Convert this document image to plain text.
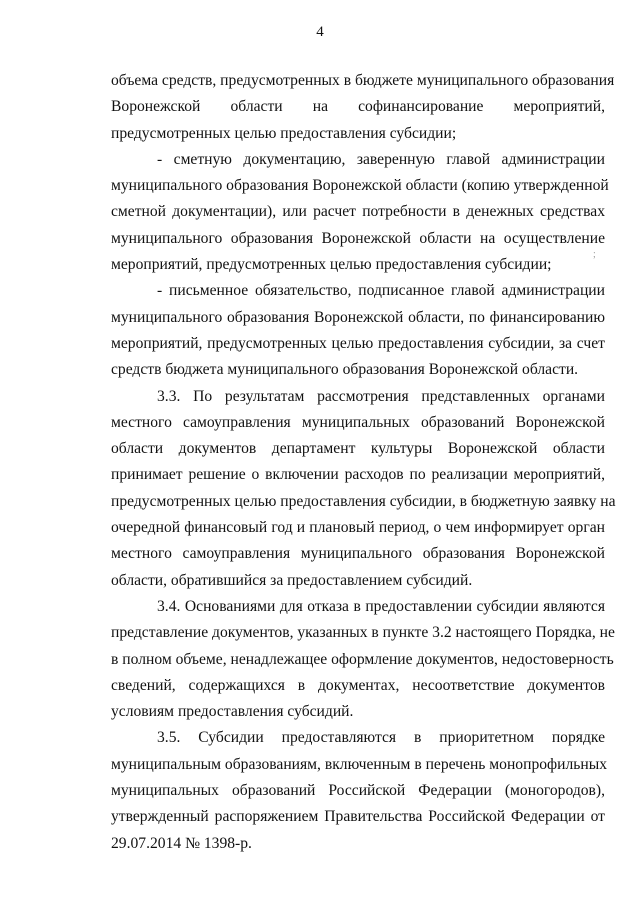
4
;
объема средств, предусмотренных в бюджете муниципального образования
Воронежской области на софинансирование мероприятий,
предусмотренных целью предоставления субсидии;
- сметную документацию, заверенную главой администрации
муниципального образования Воронежской области (копию утвержденной
сметной документации), или расчет потребности в денежных средствах
муниципального образования Воронежской области на осуществление
мероприятий, предусмотренных целью предоставления субсидии;
- письменное обязательство, подписанное главой администрации
муниципального образования Воронежской области, по финансированию
мероприятий, предусмотренных целью предоставления субсидии, за счет
средств бюджета муниципального образования Воронежской области.
3.3. По результатам рассмотрения представленных органами
местного самоуправления муниципальных образований Воронежской
области документов департамент культуры Воронежской области
принимает решение о включении расходов по реализации мероприятий,
предусмотренных целью предоставления субсидии, в бюджетную заявку на
очередной финансовый год и плановый период, о чем информирует орган
местного самоуправления муниципального образования Воронежской
области, обратившийся за предоставлением субсидий.
3.4. Основаниями для отказа в предоставлении субсидии являются
представление документов, указанных в пункте 3.2 настоящего Порядка, не
в полном объеме, ненадлежащее оформление документов, недостоверность
сведений, содержащихся в документах, несоответствие документов
условиям предоставления субсидий.
3.5. Субсидии предоставляются в приоритетном порядке
муниципальным образованиям, включенным в перечень монопрофильных
муниципальных образований Российской Федерации (моногородов),
утвержденный распоряжением Правительства Российской Федерации от
29.07.2014 № 1398-р.
